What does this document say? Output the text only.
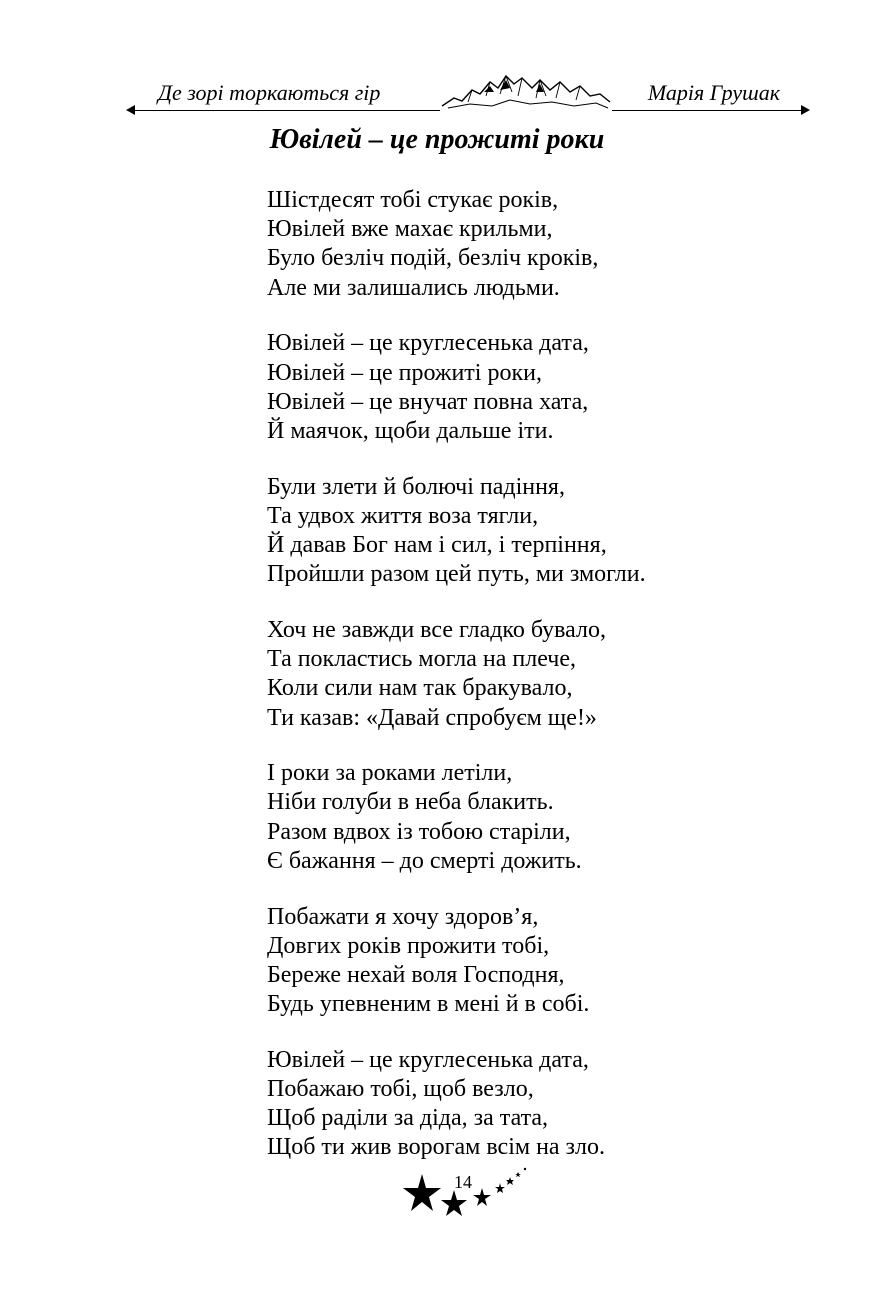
Де зорі торкаються гір	Марія Грушак
Ювілей – це прожиті роки
Шістдесят тобі стукає років,
Ювілей вже махає крильми,
Було безліч подій, безліч кроків,
Але ми залишались людьми.
Ювілей – це круглесенька дата,
Ювілей – це прожиті роки,
Ювілей – це внучат повна хата,
Й маячок, щоби дальше іти.
Були злети й болючі падіння,
Та удвох життя воза тягли,
Й давав Бог нам і сил, і терпіння,
Пройшли разом цей путь, ми змогли.
Хоч не завжди все гладко бувало,
Та покластись могла на плече,
Коли сили нам так бракувало,
Ти казав: «Давай спробуєм ще!»
І роки за роками летіли,
Ніби голуби в неба блакить.
Разом вдвох із тобою старіли,
Є бажання – до смерті дожить.
Побажати я хочу здоров’я,
Довгих років прожити тобі,
Береже нехай воля Господня,
Будь упевненим в мені й в собі.
Ювілей – це круглесенька дата,
Побажаю тобі, щоб везло,
Щоб раділи за діда, за тата,
Щоб ти жив ворогам всім на зло.
14
